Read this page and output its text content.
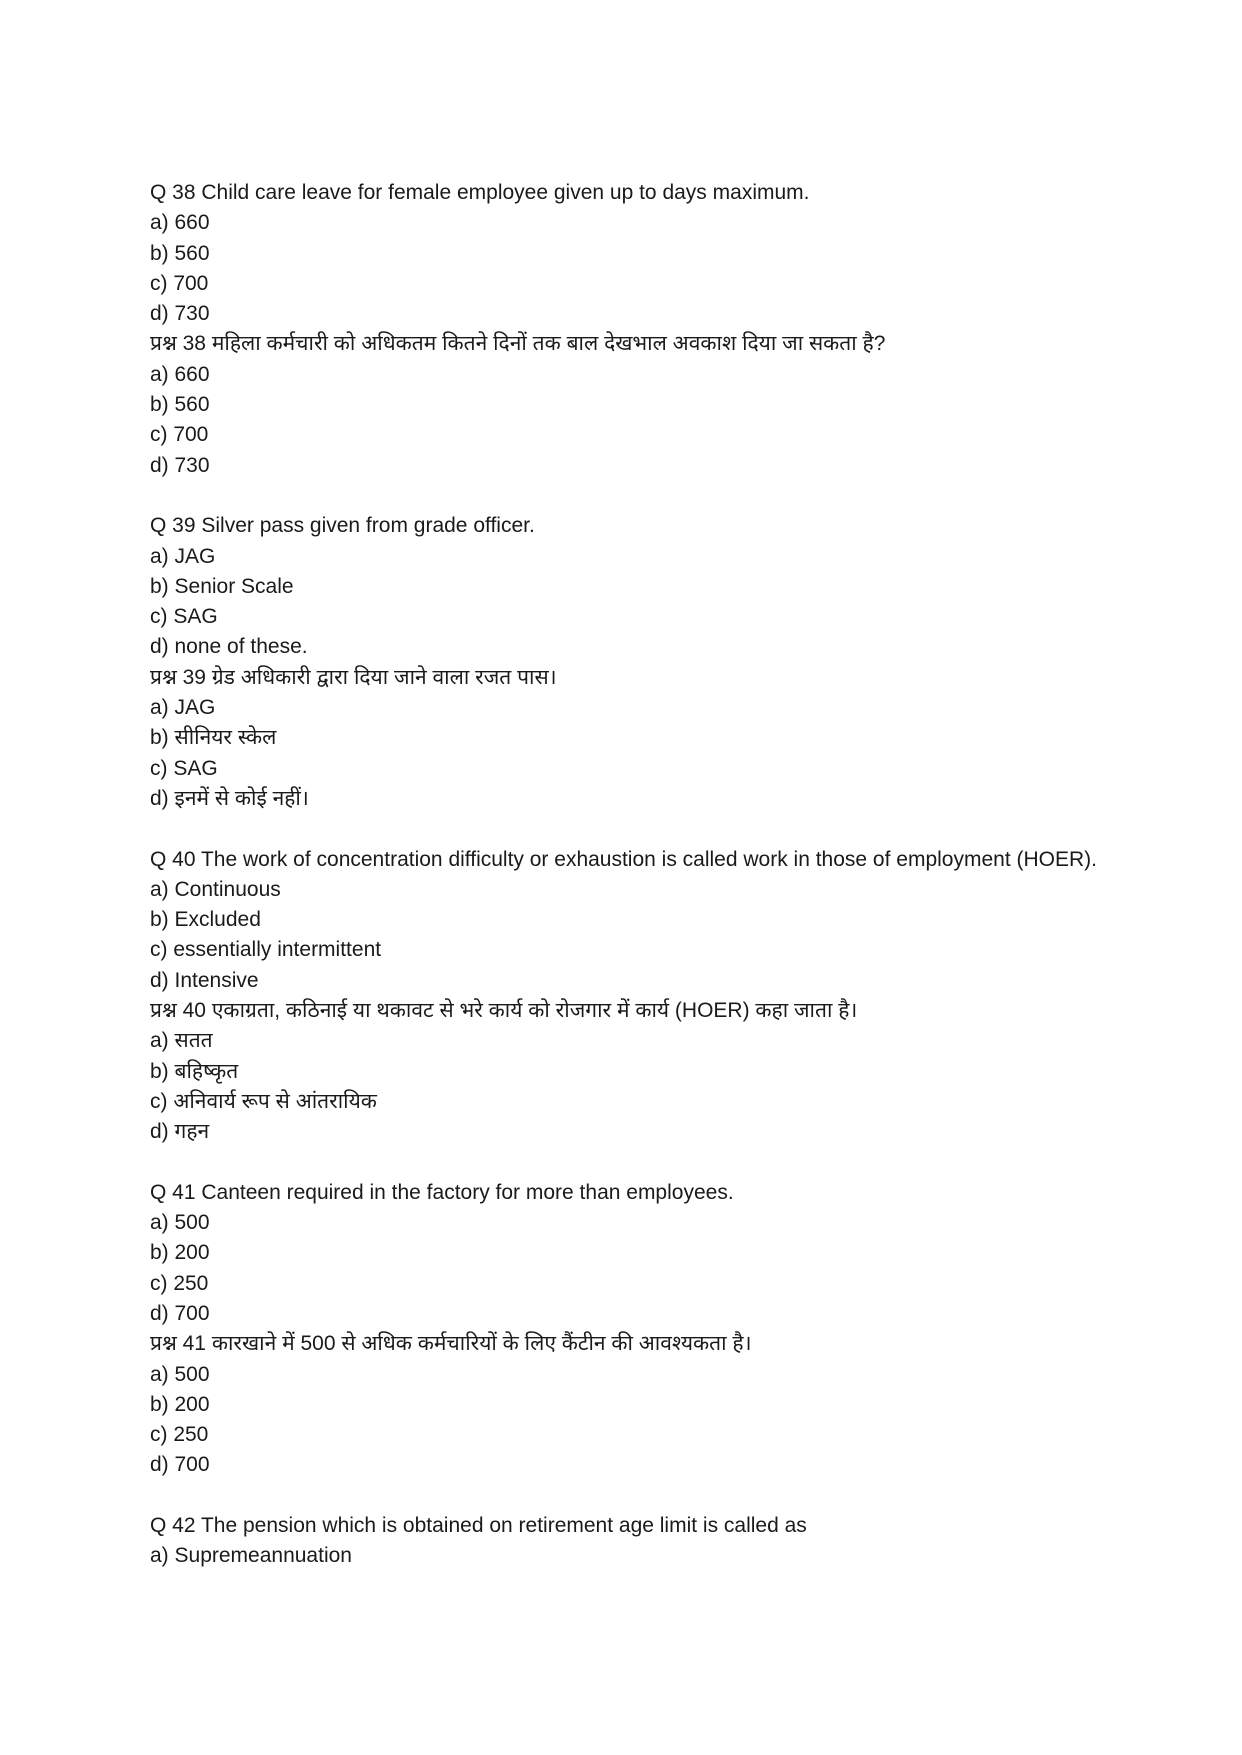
Q 38 Child care leave for female employee given up to days maximum.
a) 660
b) 560
c) 700
d) 730
प्रश्न 38 महिला कर्मचारी को अधिकतम कितने दिनों तक बाल देखभाल अवकाश दिया जा सकता है?
a) 660
b) 560
c) 700
d) 730
Q 39 Silver pass given from grade officer.
a) JAG
b) Senior Scale
c) SAG
d) none of these.
प्रश्न 39 ग्रेड अधिकारी द्वारा दिया जाने वाला रजत पास।
a) JAG
b) सीनियर स्केल
c) SAG
d) इनमें से कोई नहीं।
Q 40 The work of concentration difficulty or exhaustion is called work in those of employment (HOER).
a) Continuous
b) Excluded
c) essentially intermittent
d) Intensive
प्रश्न 40 एकाग्रता, कठिनाई या थकावट से भरे कार्य को रोजगार में कार्य (HOER) कहा जाता है।
a) सतत
b) बहिष्कृत
c) अनिवार्य रूप से आंतरायिक
d) गहन
Q 41 Canteen required in the factory for more than employees.
a) 500
b) 200
c) 250
d) 700
प्रश्न 41 कारखाने में 500 से अधिक कर्मचारियों के लिए कैंटीन की आवश्यकता है।
a) 500
b) 200
c) 250
d) 700
Q 42 The pension which is obtained on retirement age limit is called as
a) Supremeannuation
